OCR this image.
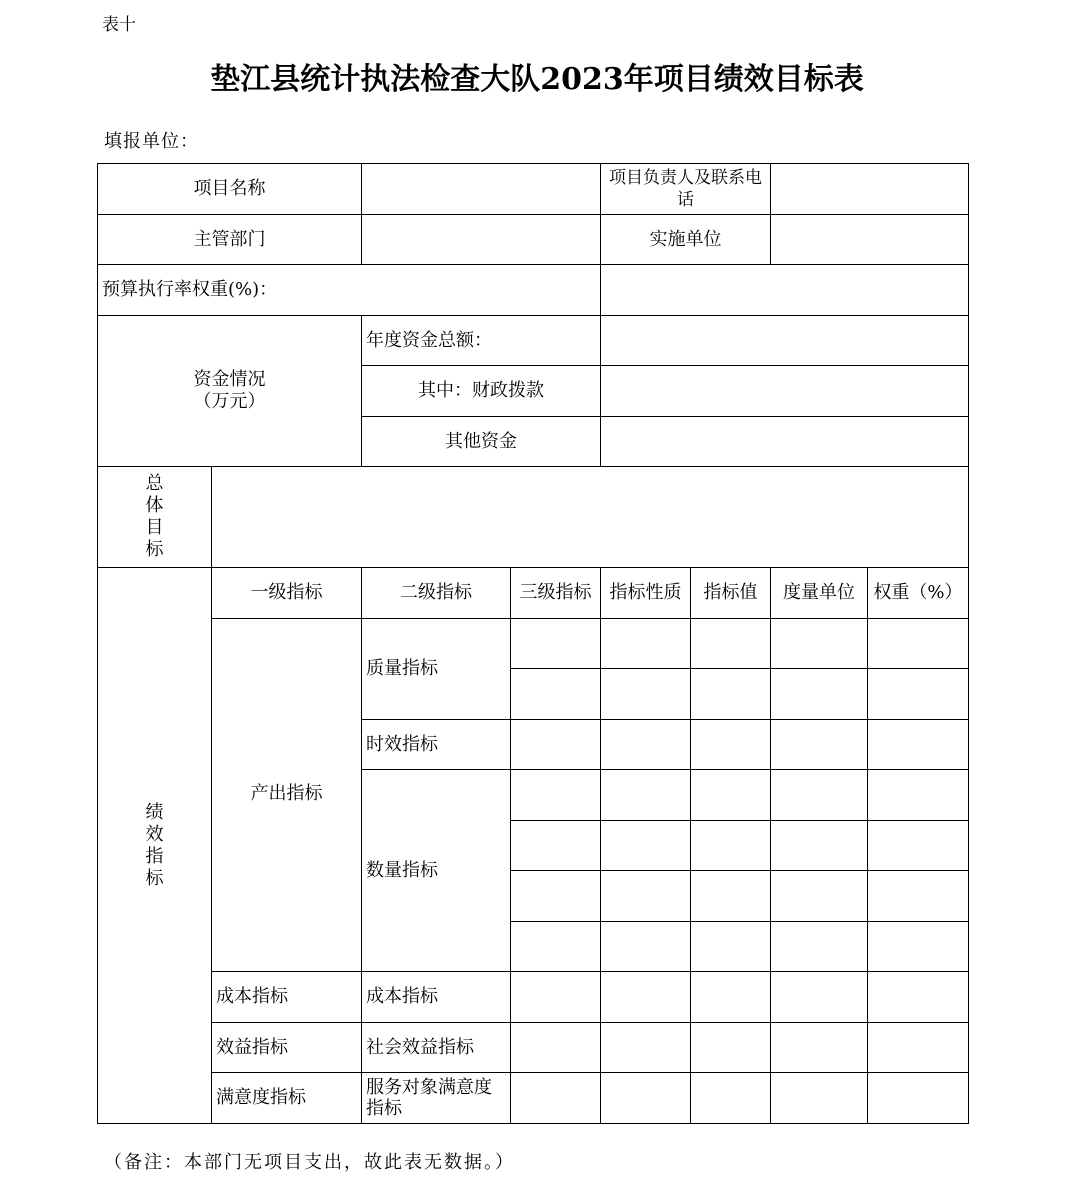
表十
垫江县统计执法检查大队2023年项目绩效目标表
填报单位：
项目名称				项目负责人及联系电话			
主管部门				实施单位			
预算执行率权重(%)：							

资金情况
（万元）		年度资金总额：					
		其中：财政拨款					
		其他资金					

总
体
目
标							

绩
效
指
标	一级指标	二级指标	三级指标	指标性质	指标值	度量单位	权重（%）
	产出指标	质量指标					

		时效指标					
		数量指标					

	成本指标	成本指标					
	效益指标	社会效益指标					
	满意度指标	服务对象满意度指标					
（备注：本部门无项目支出，故此表无数据。）
